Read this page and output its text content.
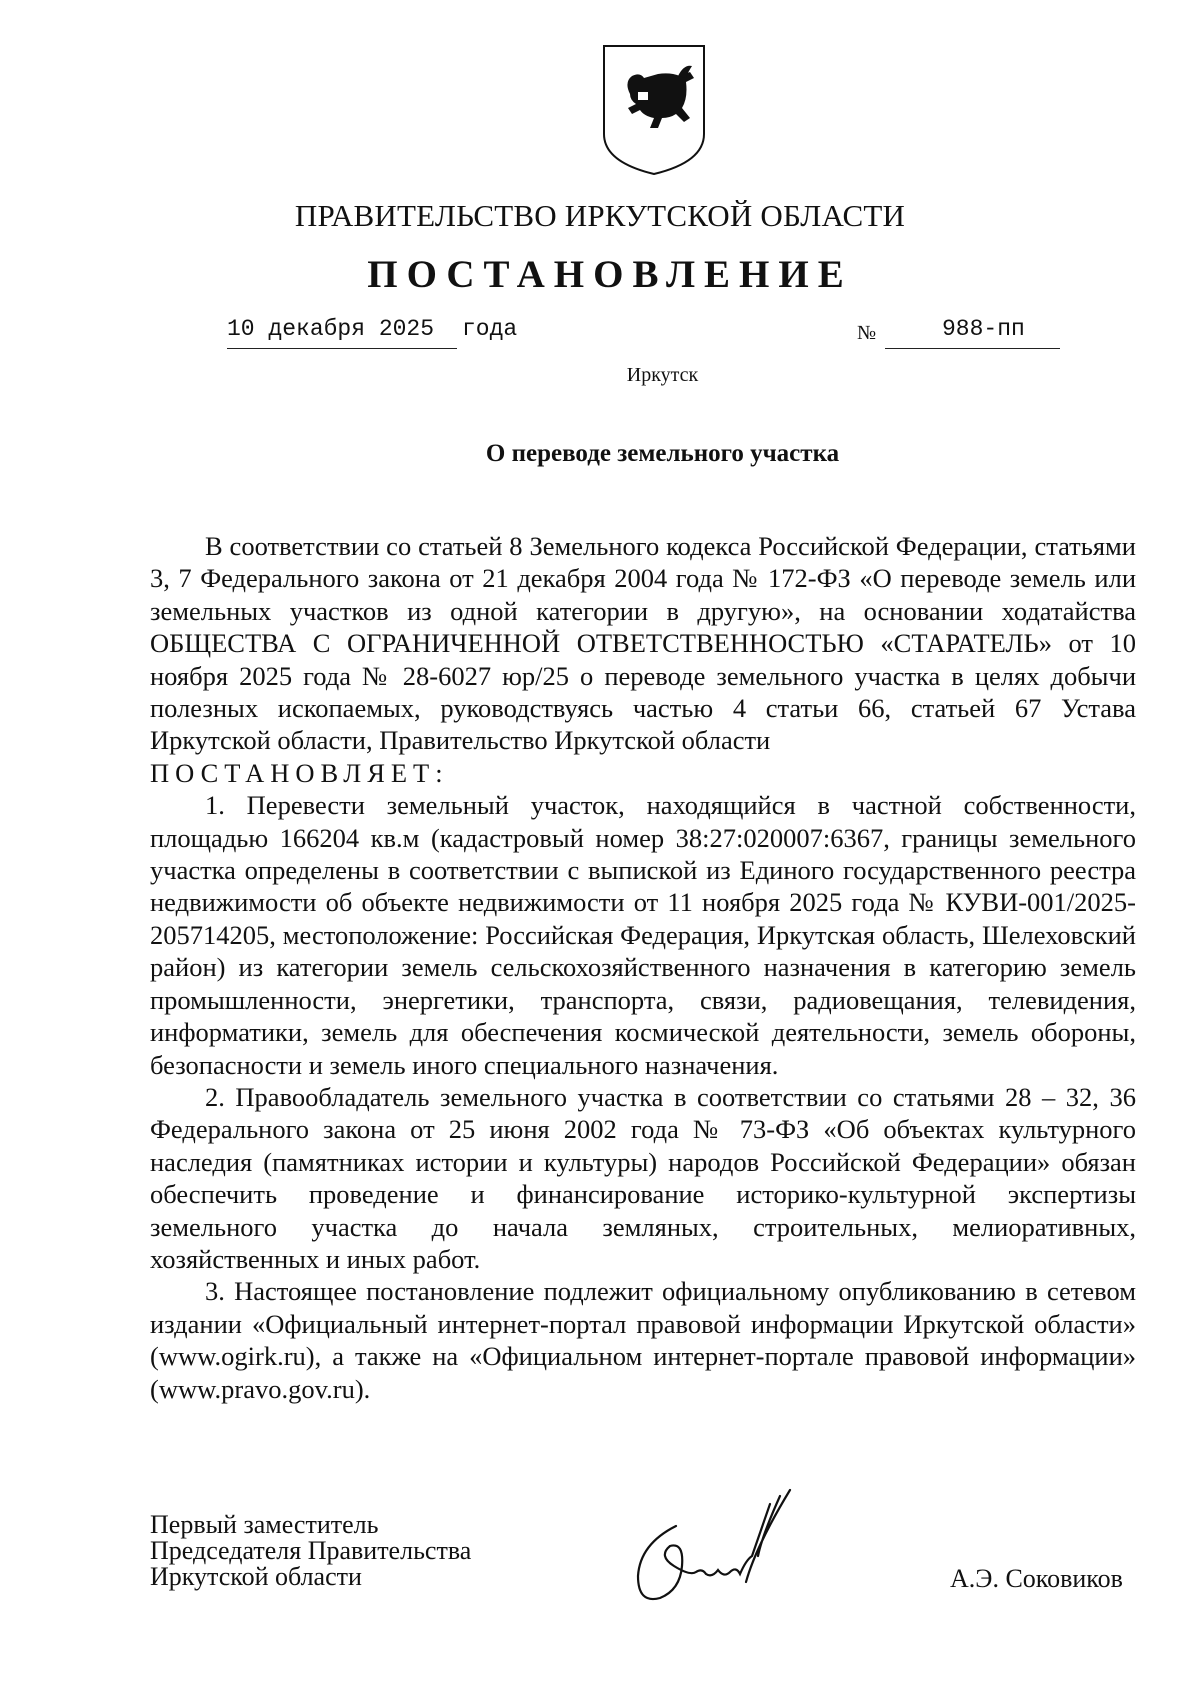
ПРАВИТЕЛЬСТВО ИРКУТСКОЙ ОБЛАСТИ
ПОСТАНОВЛЕНИЕ
10 декабря 2025 года	№	988-пп
Иркутск
О переводе земельного участка

В соответствии со статьей 8 Земельного кодекса Российской Федерации, статьями 3, 7 Федерального закона от 21 декабря 2004 года № 172-ФЗ «О переводе земель или земельных участков из одной категории в другую», на основании ходатайства ОБЩЕСТВА С ОГРАНИЧЕННОЙ ОТВЕТСТВЕННОСТЬЮ «СТАРАТЕЛЬ» от 10 ноября 2025 года № 28-6027 юр/25 о переводе земельного участка в целях добычи полезных ископаемых, руководствуясь частью 4 статьи 66, статьей 67 Устава Иркутской области, Правительство Иркутской области

ПОСТАНОВЛЯЕТ:

1. Перевести земельный участок, находящийся в частной собственности, площадью 166204 кв.м (кадастровый номер 38:27:020007:6367, границы земельного участка определены в соответствии с выпиской из Единого государственного реестра недвижимости об объекте недвижимости от 11 ноября 2025 года № КУВИ-001/2025-205714205, местоположение: Российская Федерация, Иркутская область, Шелеховский район) из категории земель сельскохозяйственного назначения в категорию земель промышленности, энергетики, транспорта, связи, радиовещания, телевидения, информатики, земель для обеспечения космической деятельности, земель обороны, безопасности и земель иного специального назначения.

2. Правообладатель земельного участка в соответствии со статьями 28 – 32, 36 Федерального закона от 25 июня 2002 года № 73-ФЗ «Об объектах культурного наследия (памятниках истории и культуры) народов Российской Федерации» обязан обеспечить проведение и финансирование историко-культурной экспертизы земельного участка до начала земляных, строительных, мелиоративных, хозяйственных и иных работ.

3. Настоящее постановление подлежит официальному опубликованию в сетевом издании «Официальный интернет-портал правовой информации Иркутской области» (www.ogirk.ru), а также на «Официальном интернет-портале правовой информации» (www.pravo.gov.ru).

Первый заместитель
Председателя Правительства
Иркутской области	А.Э. Соковиков
